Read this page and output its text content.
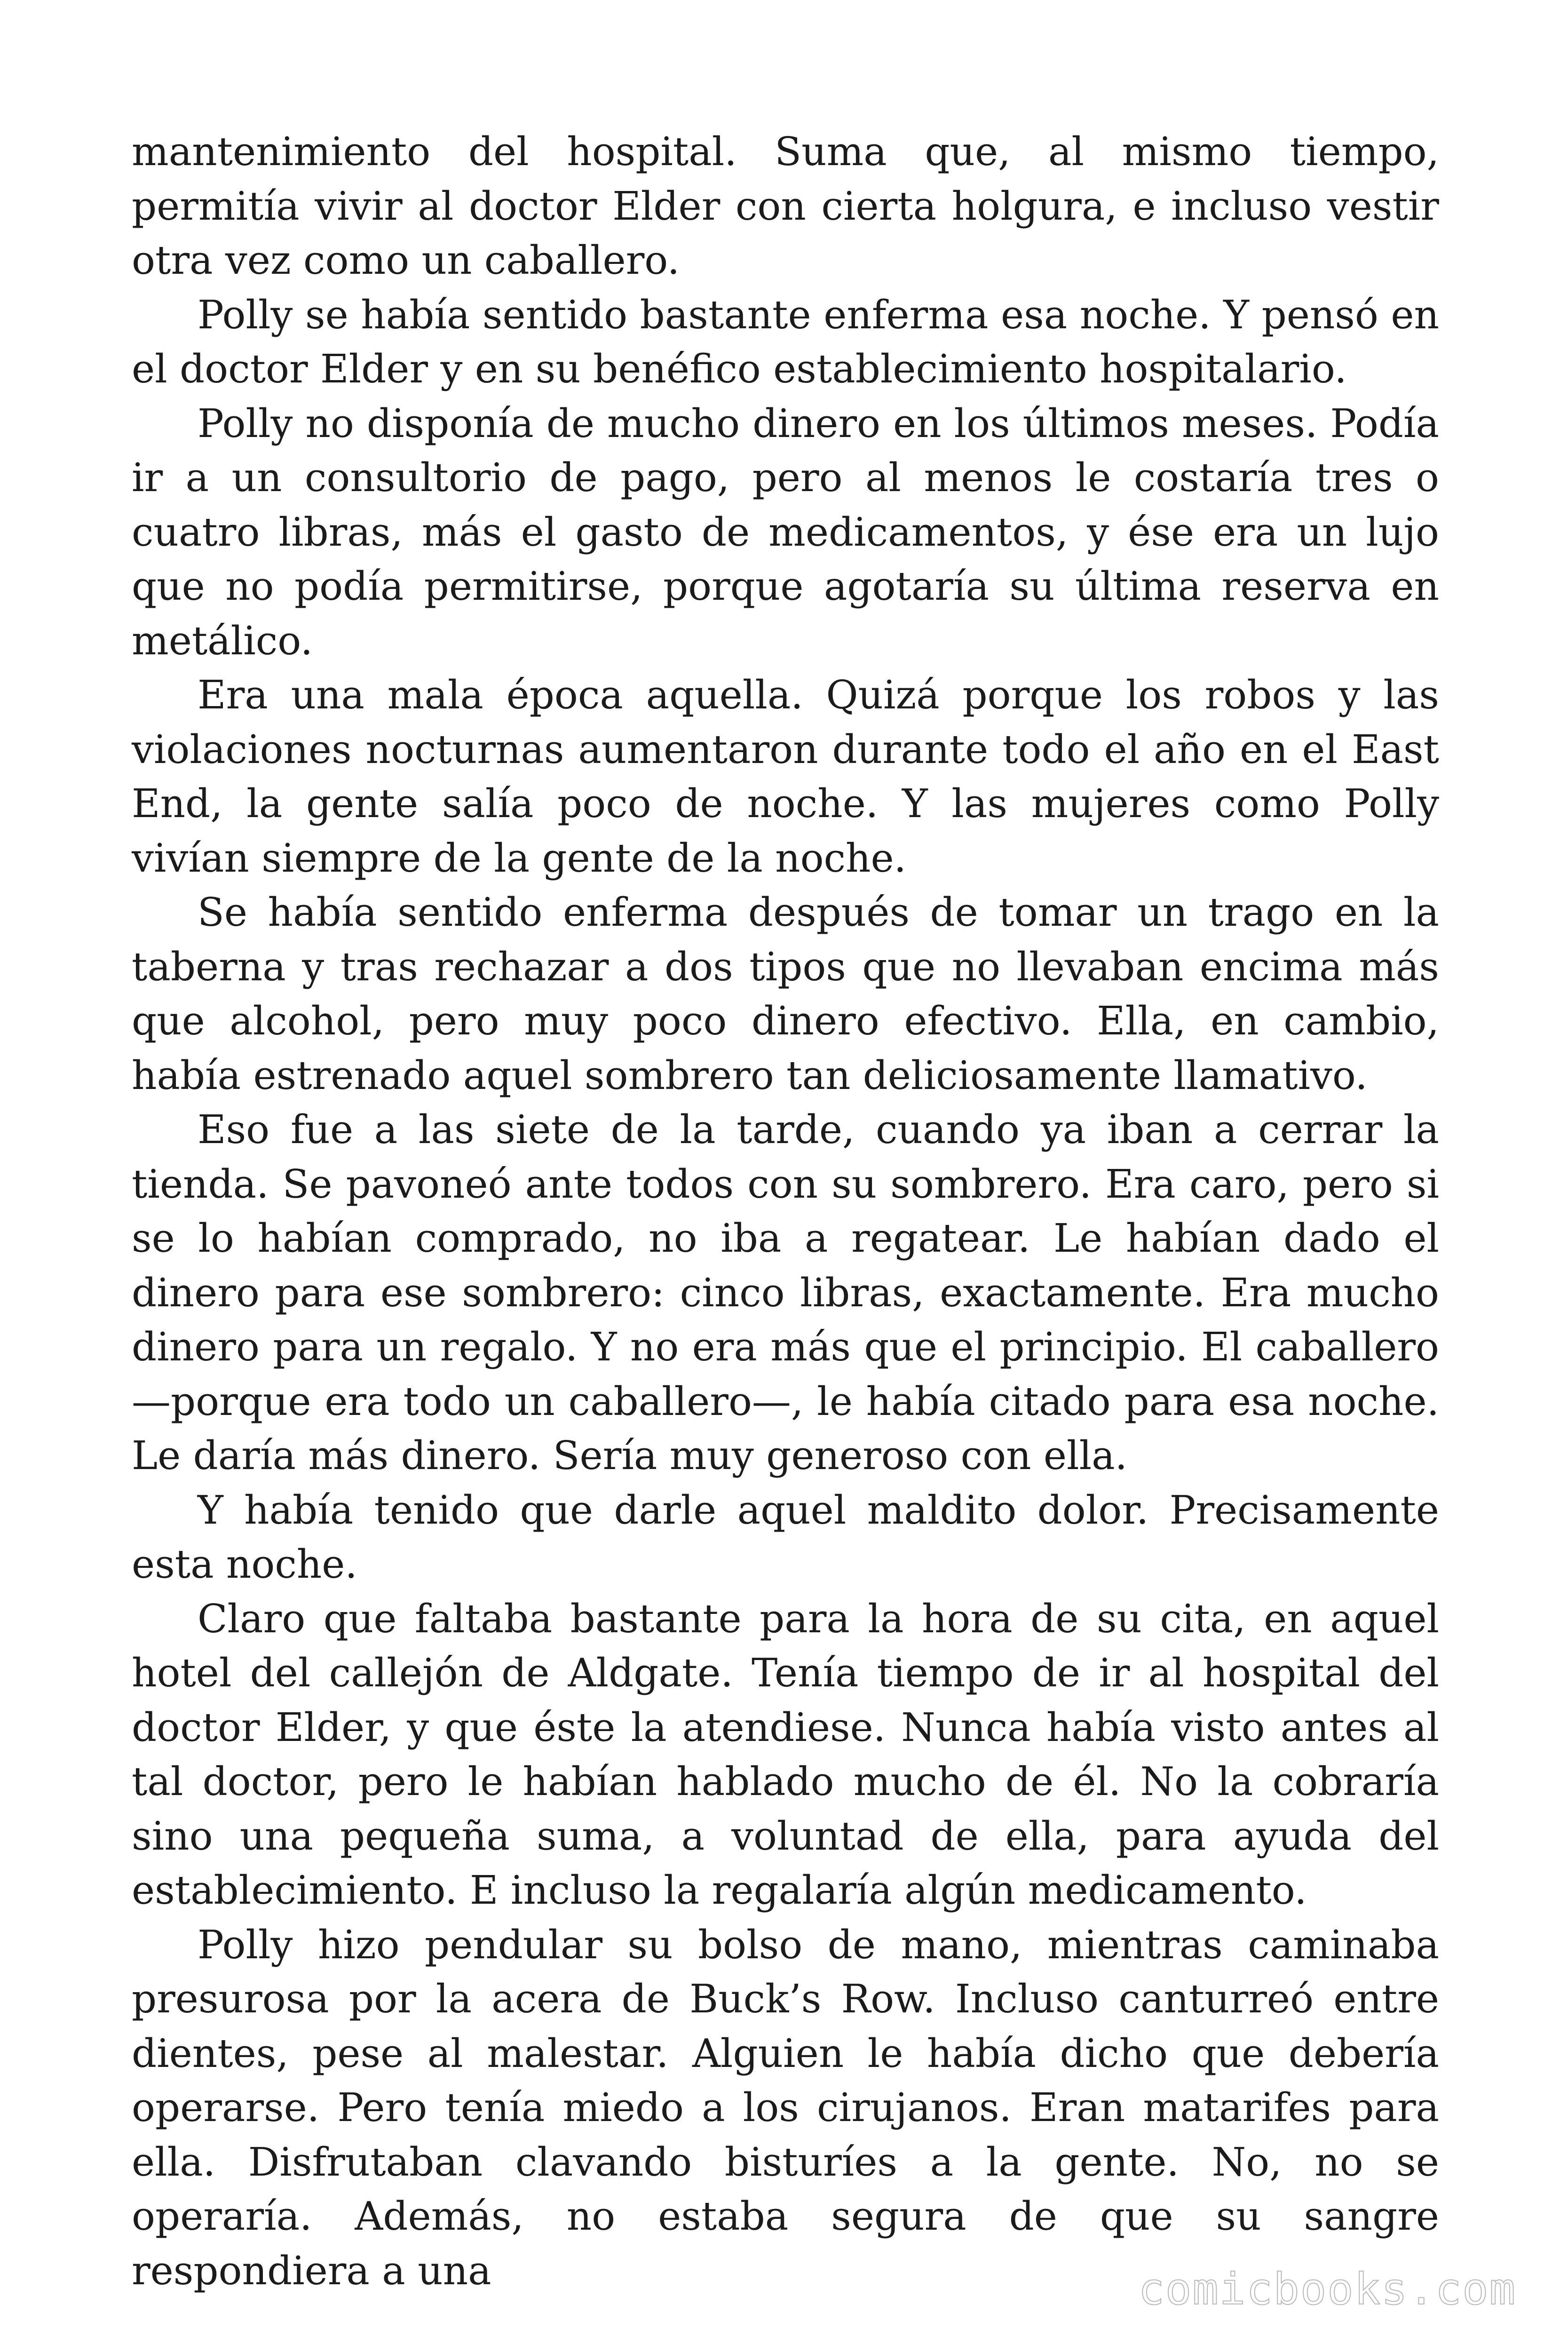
mantenimiento del hospital. Suma que, al mismo tiempo, permitía vivir al doctor Elder con cierta holgura, e incluso vestir otra vez como un caballero.

Polly se había sentido bastante enferma esa noche. Y pensó en el doctor Elder y en su benéfico establecimiento hospitalario.

Polly no disponía de mucho dinero en los últimos meses. Podía ir a un consultorio de pago, pero al menos le costaría tres o cuatro libras, más el gasto de medicamentos, y ése era un lujo que no podía permitirse, porque agotaría su última reserva en metálico.

Era una mala época aquella. Quizá porque los robos y las violaciones nocturnas aumentaron durante todo el año en el East End, la gente salía poco de noche. Y las mujeres como Polly vivían siempre de la gente de la noche.

Se había sentido enferma después de tomar un trago en la taberna y tras rechazar a dos tipos que no llevaban encima más que alcohol, pero muy poco dinero efectivo. Ella, en cambio, había estrenado aquel sombrero tan deliciosamente llamativo.

Eso fue a las siete de la tarde, cuando ya iban a cerrar la tienda. Se pavoneó ante todos con su sombrero. Era caro, pero si se lo habían comprado, no iba a regatear. Le habían dado el dinero para ese sombrero: cinco libras, exactamente. Era mucho dinero para un regalo. Y no era más que el principio. El caballero —porque era todo un caballero—, le había citado para esa noche. Le daría más dinero. Sería muy generoso con ella.

Y había tenido que darle aquel maldito dolor. Precisamente esta noche.

Claro que faltaba bastante para la hora de su cita, en aquel hotel del callejón de Aldgate. Tenía tiempo de ir al hospital del doctor Elder, y que éste la atendiese. Nunca había visto antes al tal doctor, pero le habían hablado mucho de él. No la cobraría sino una pequeña suma, a voluntad de ella, para ayuda del establecimiento. E incluso la regalaría algún medicamento.

Polly hizo pendular su bolso de mano, mientras caminaba presurosa por la acera de Buck’s Row. Incluso canturreó entre dientes, pese al malestar. Alguien le había dicho que debería operarse. Pero tenía miedo a los cirujanos. Eran matarifes para ella. Disfrutaban clavando bisturíes a la gente. No, no se operaría. Además, no estaba segura de que su sangre respondiera a una	comicbooks.com
